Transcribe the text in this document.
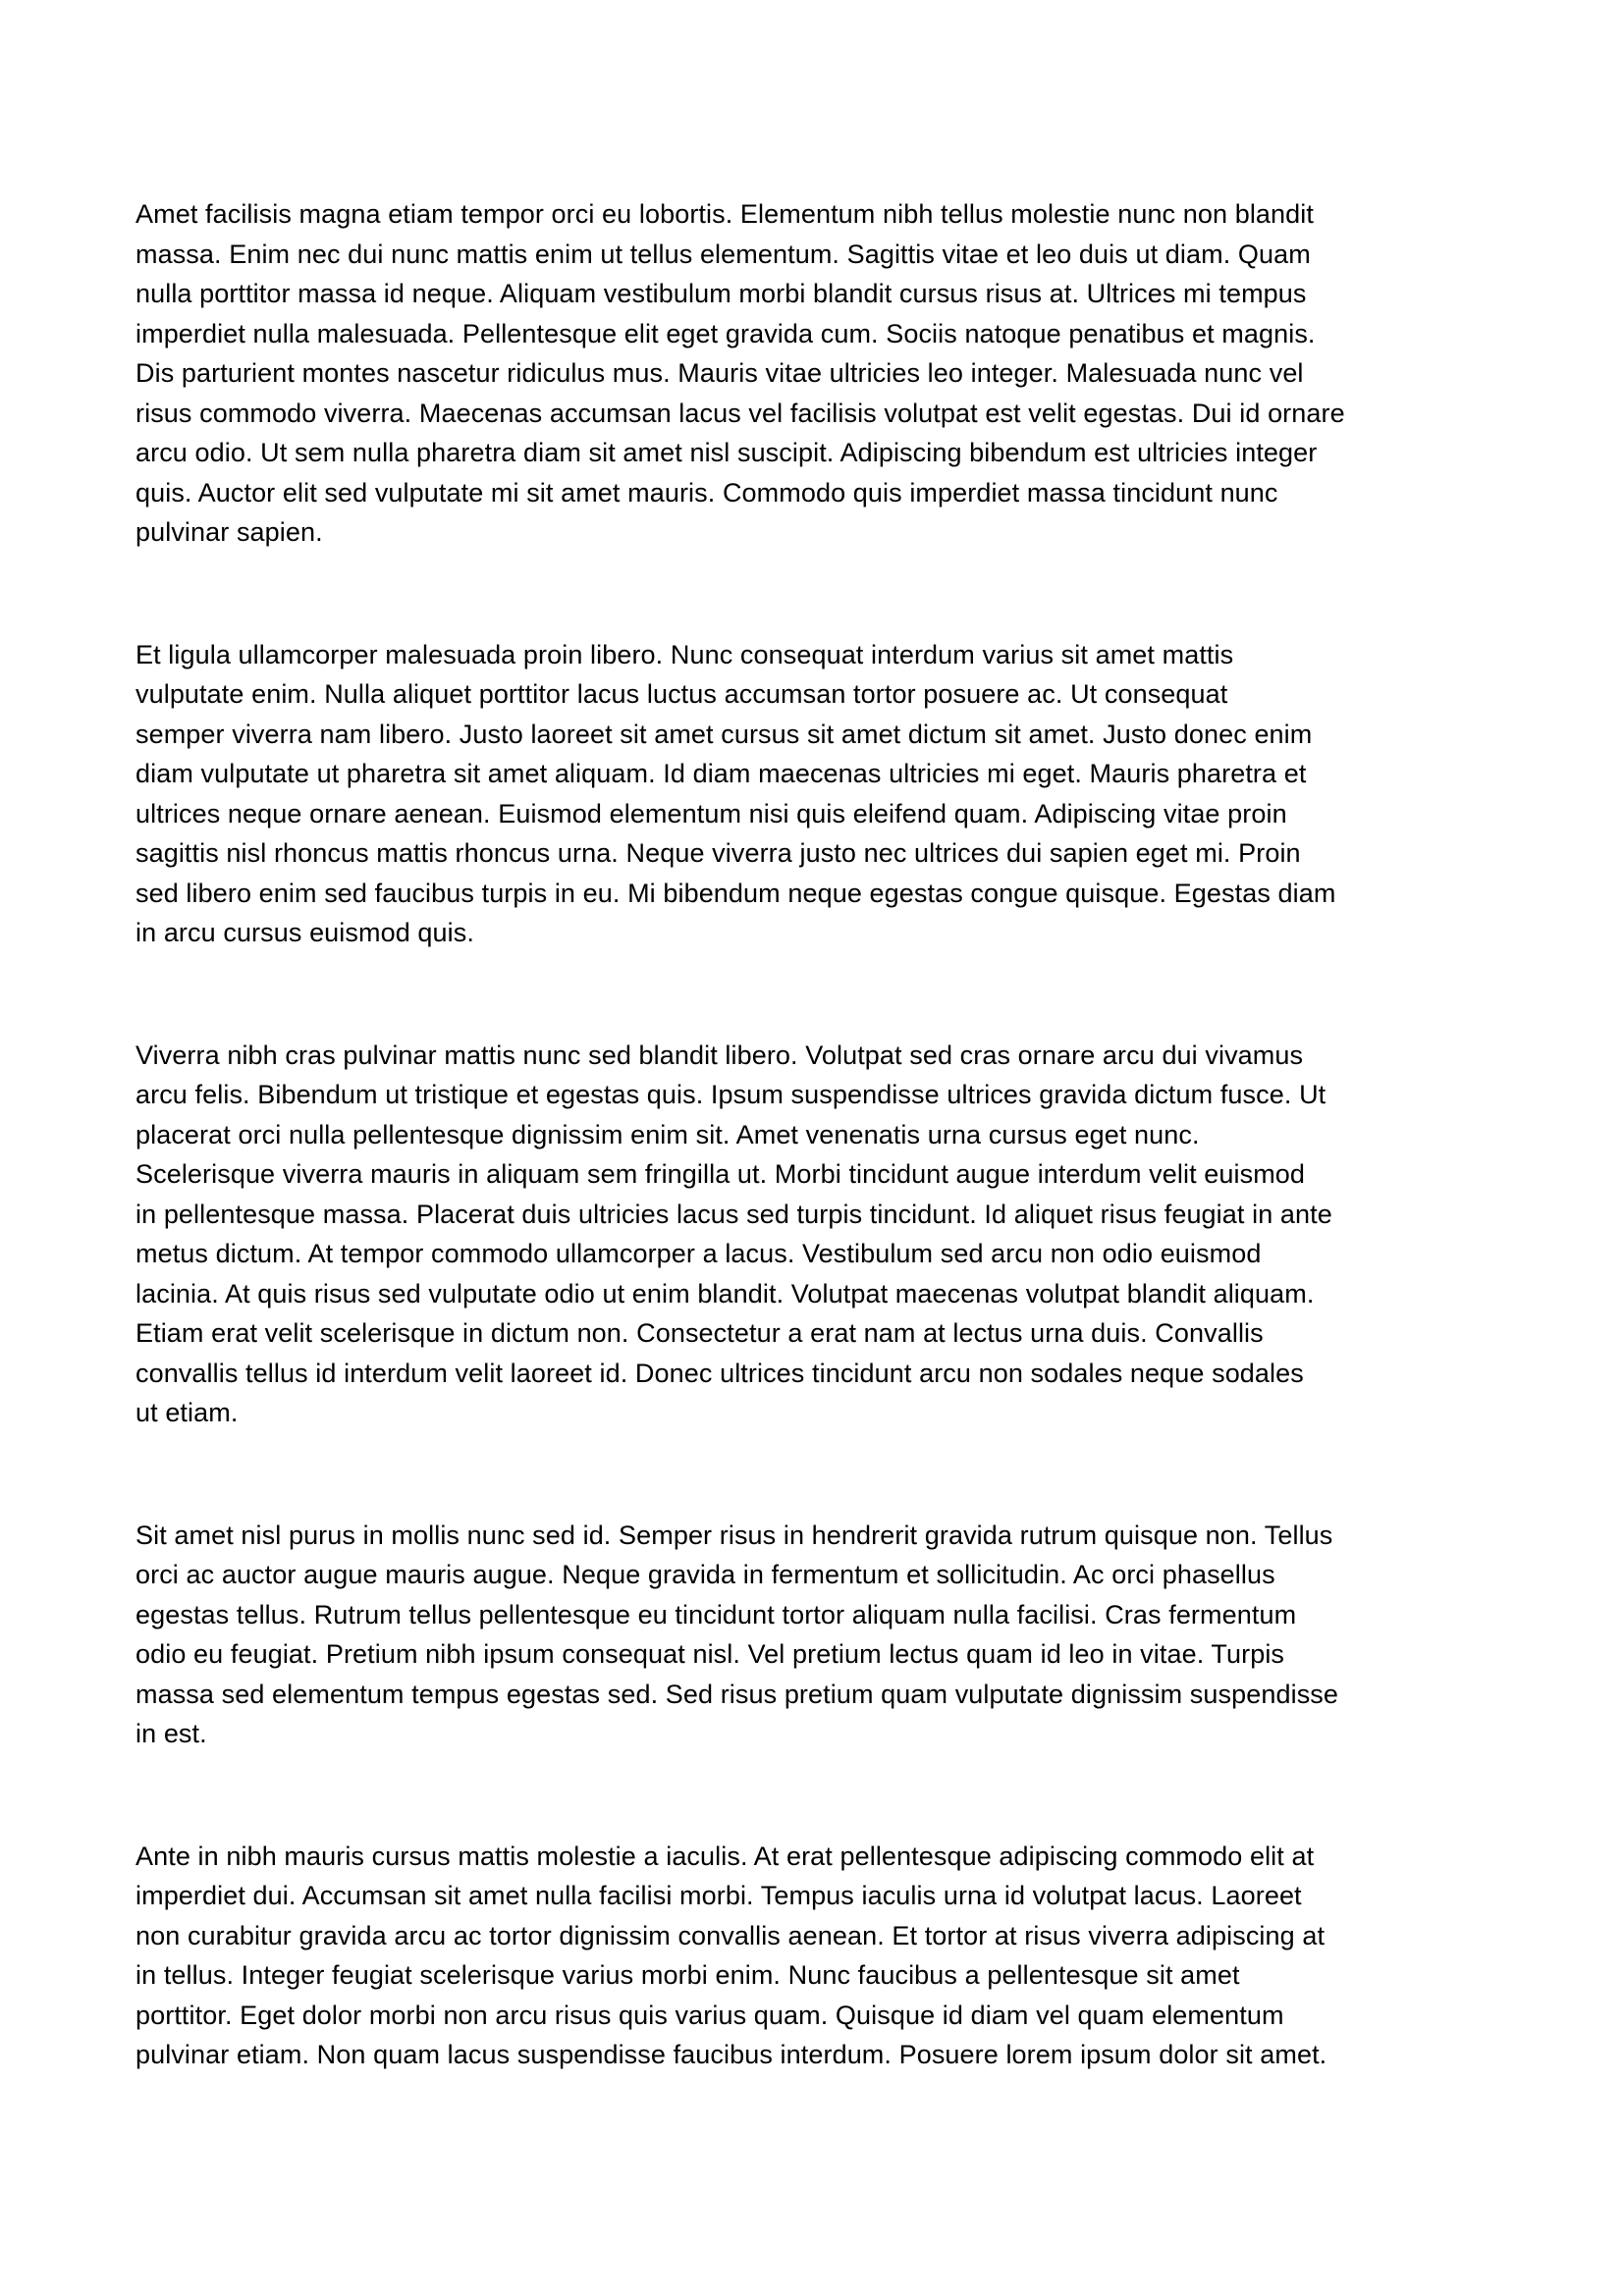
Amet facilisis magna etiam tempor orci eu lobortis. Elementum nibh tellus molestie nunc non blandit
massa. Enim nec dui nunc mattis enim ut tellus elementum. Sagittis vitae et leo duis ut diam. Quam
nulla porttitor massa id neque. Aliquam vestibulum morbi blandit cursus risus at. Ultrices mi tempus
imperdiet nulla malesuada. Pellentesque elit eget gravida cum. Sociis natoque penatibus et magnis.
Dis parturient montes nascetur ridiculus mus. Mauris vitae ultricies leo integer. Malesuada nunc vel
risus commodo viverra. Maecenas accumsan lacus vel facilisis volutpat est velit egestas. Dui id ornare
arcu odio. Ut sem nulla pharetra diam sit amet nisl suscipit. Adipiscing bibendum est ultricies integer
quis. Auctor elit sed vulputate mi sit amet mauris. Commodo quis imperdiet massa tincidunt nunc
pulvinar sapien.
Et ligula ullamcorper malesuada proin libero. Nunc consequat interdum varius sit amet mattis
vulputate enim. Nulla aliquet porttitor lacus luctus accumsan tortor posuere ac. Ut consequat
semper viverra nam libero. Justo laoreet sit amet cursus sit amet dictum sit amet. Justo donec enim
diam vulputate ut pharetra sit amet aliquam. Id diam maecenas ultricies mi eget. Mauris pharetra et
ultrices neque ornare aenean. Euismod elementum nisi quis eleifend quam. Adipiscing vitae proin
sagittis nisl rhoncus mattis rhoncus urna. Neque viverra justo nec ultrices dui sapien eget mi. Proin
sed libero enim sed faucibus turpis in eu. Mi bibendum neque egestas congue quisque. Egestas diam
in arcu cursus euismod quis.
Viverra nibh cras pulvinar mattis nunc sed blandit libero. Volutpat sed cras ornare arcu dui vivamus
arcu felis. Bibendum ut tristique et egestas quis. Ipsum suspendisse ultrices gravida dictum fusce. Ut
placerat orci nulla pellentesque dignissim enim sit. Amet venenatis urna cursus eget nunc.
Scelerisque viverra mauris in aliquam sem fringilla ut. Morbi tincidunt augue interdum velit euismod
in pellentesque massa. Placerat duis ultricies lacus sed turpis tincidunt. Id aliquet risus feugiat in ante
metus dictum. At tempor commodo ullamcorper a lacus. Vestibulum sed arcu non odio euismod
lacinia. At quis risus sed vulputate odio ut enim blandit. Volutpat maecenas volutpat blandit aliquam.
Etiam erat velit scelerisque in dictum non. Consectetur a erat nam at lectus urna duis. Convallis
convallis tellus id interdum velit laoreet id. Donec ultrices tincidunt arcu non sodales neque sodales
ut etiam.
Sit amet nisl purus in mollis nunc sed id. Semper risus in hendrerit gravida rutrum quisque non. Tellus
orci ac auctor augue mauris augue. Neque gravida in fermentum et sollicitudin. Ac orci phasellus
egestas tellus. Rutrum tellus pellentesque eu tincidunt tortor aliquam nulla facilisi. Cras fermentum
odio eu feugiat. Pretium nibh ipsum consequat nisl. Vel pretium lectus quam id leo in vitae. Turpis
massa sed elementum tempus egestas sed. Sed risus pretium quam vulputate dignissim suspendisse
in est.
Ante in nibh mauris cursus mattis molestie a iaculis. At erat pellentesque adipiscing commodo elit at
imperdiet dui. Accumsan sit amet nulla facilisi morbi. Tempus iaculis urna id volutpat lacus. Laoreet
non curabitur gravida arcu ac tortor dignissim convallis aenean. Et tortor at risus viverra adipiscing at
in tellus. Integer feugiat scelerisque varius morbi enim. Nunc faucibus a pellentesque sit amet
porttitor. Eget dolor morbi non arcu risus quis varius quam. Quisque id diam vel quam elementum
pulvinar etiam. Non quam lacus suspendisse faucibus interdum. Posuere lorem ipsum dolor sit amet.
